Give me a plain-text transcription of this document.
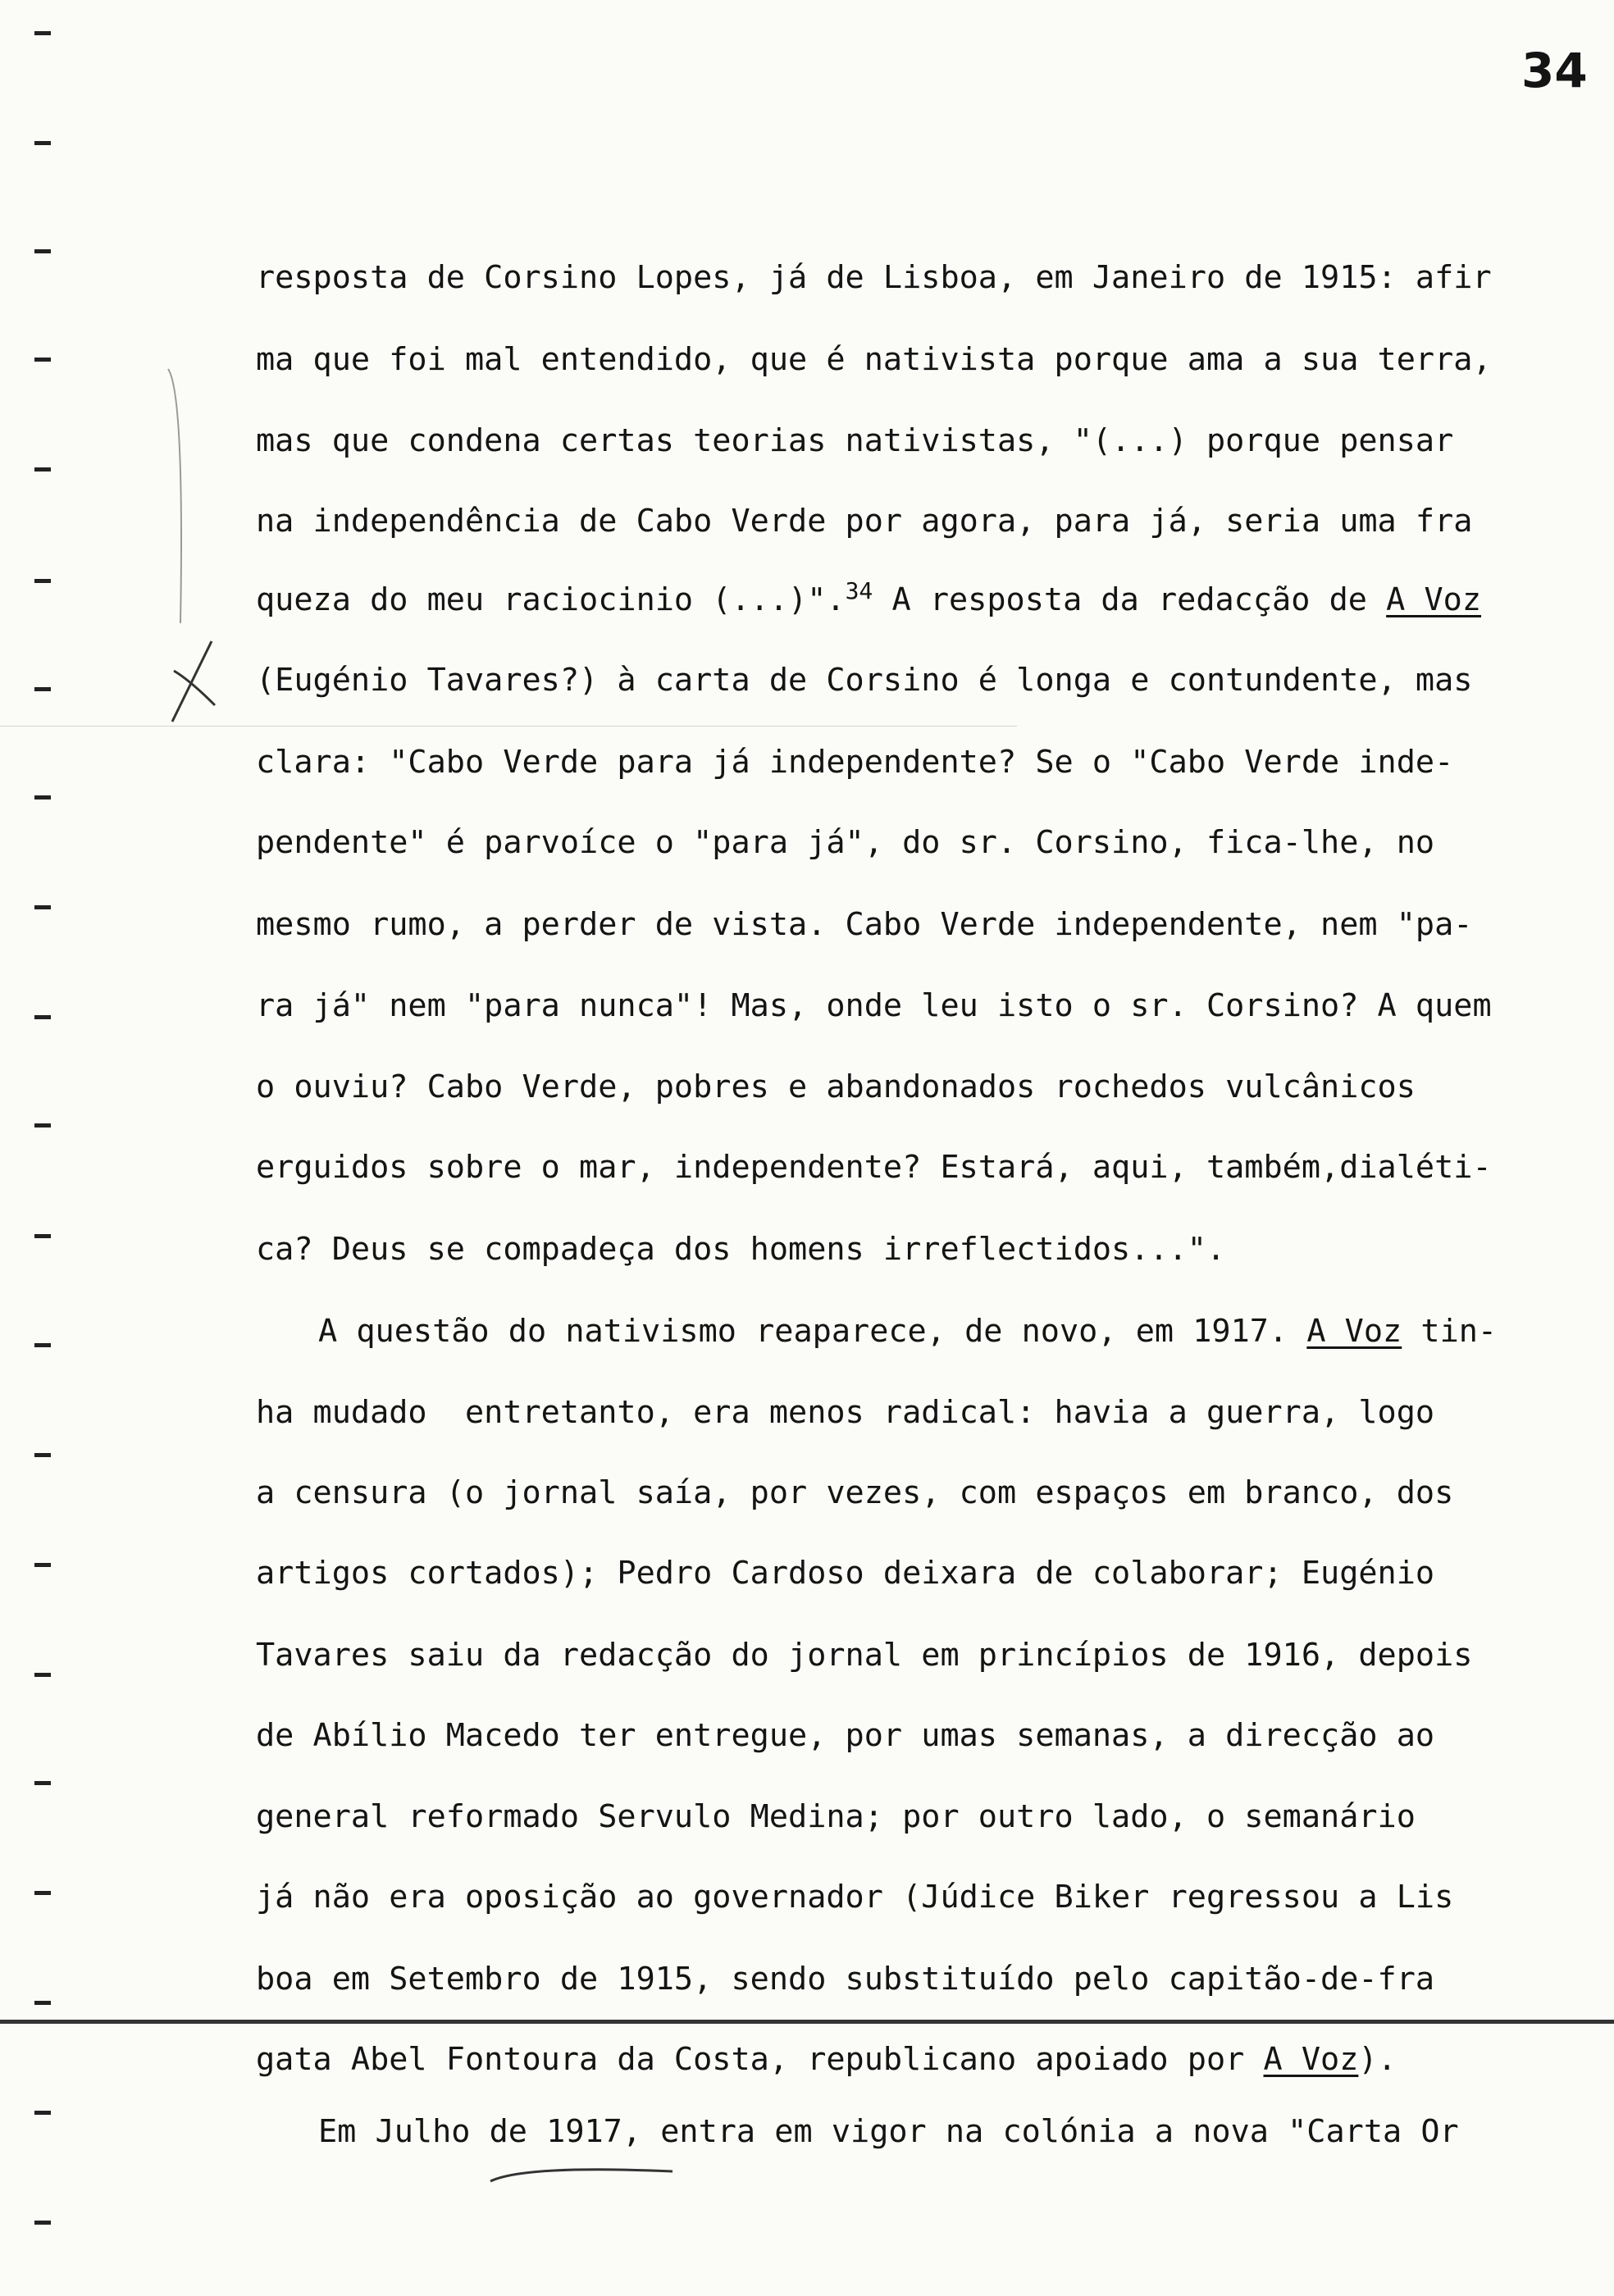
34
resposta de Corsino Lopes, já de Lisboa, em Janeiro de 1915: afir
ma que foi mal entendido, que é nativista porque ama a sua terra,
mas que condena certas teorias nativistas, "(...) porque pensar
na independência de Cabo Verde por agora, para já, seria uma fra
queza do meu raciocinio (...)".$^{34}$ A resposta da redacção de A Voz
(Eugénio Tavares?) à carta de Corsino é longa e contundente, mas
clara: "Cabo Verde para já independente? Se o "Cabo Verde inde-
pendente" é parvoíce o "para já", do sr. Corsino, fica-lhe, no
mesmo rumo, a perder de vista. Cabo Verde independente, nem "pa-
ra já" nem "para nunca"! Mas, onde leu isto o sr. Corsino? A quem
o ouviu? Cabo Verde, pobres e abandonados rochedos vulcânicos
erguidos sobre o mar, independente? Estará, aqui, também,dialéti-
ca? Deus se compadeça dos homens irreflectidos...".
A questão do nativismo reaparece, de novo, em 1917. A Voz tin-
ha mudado  entretanto, era menos radical: havia a guerra, logo
a censura (o jornal saía, por vezes, com espaços em branco, dos
artigos cortados); Pedro Cardoso deixara de colaborar; Eugénio
Tavares saiu da redacção do jornal em princípios de 1916, depois
de Abílio Macedo ter entregue, por umas semanas, a direcção ao
general reformado Servulo Medina; por outro lado, o semanário
já não era oposição ao governador (Júdice Biker regressou a Lis
boa em Setembro de 1915, sendo substituído pelo capitão-de-fra
gata Abel Fontoura da Costa, republicano apoiado por A Voz).
Em Julho de 1917, entra em vigor na colónia a nova "Carta Or
